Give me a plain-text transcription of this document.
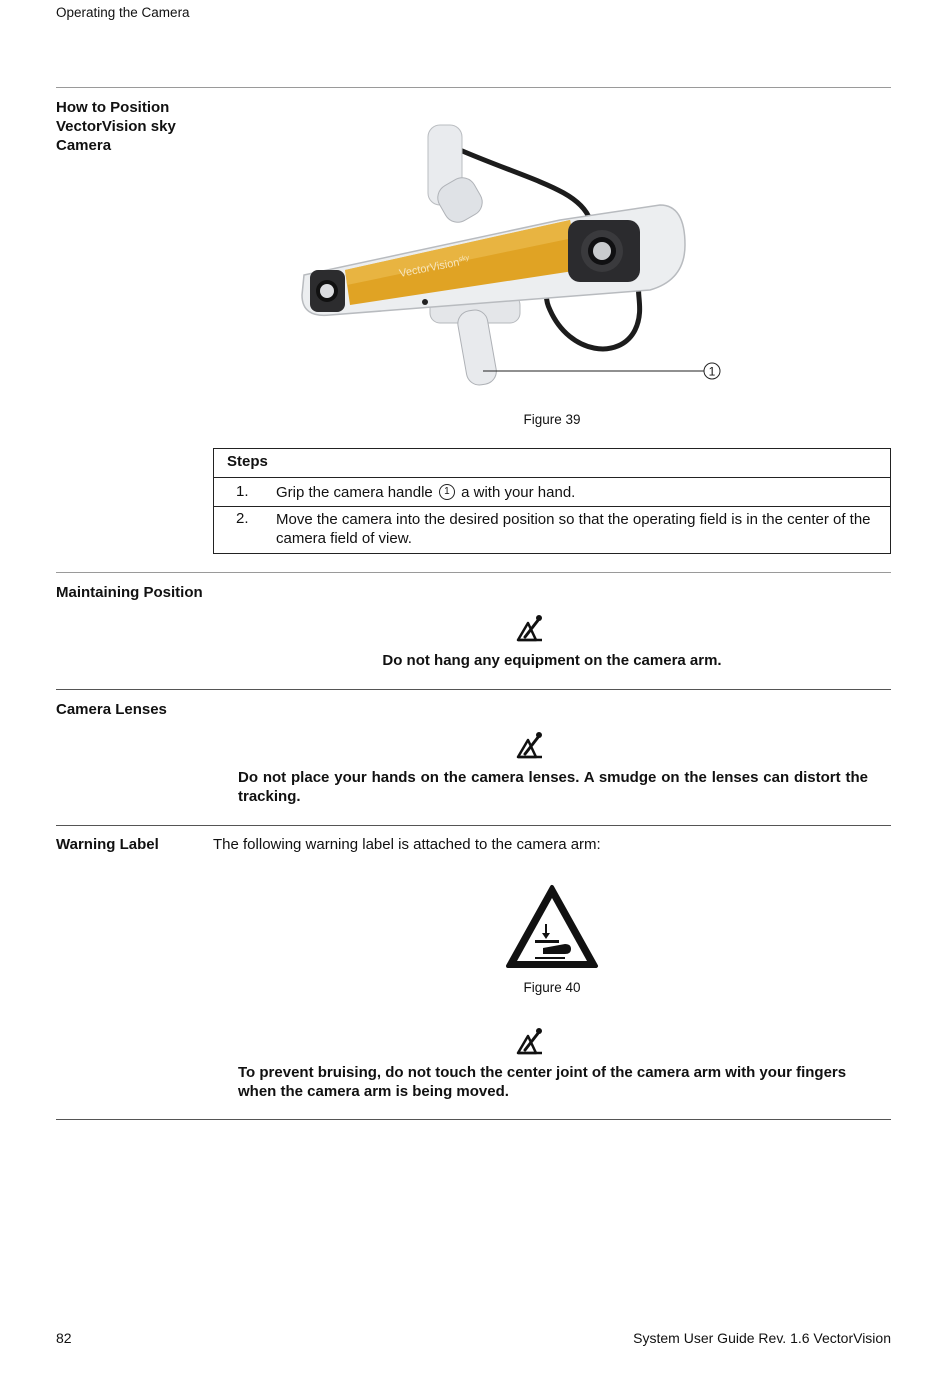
Operating the Camera
How to Position VectorVision sky Camera
VectorVision$^{sky}$
1
Figure 39
Steps
1. Grip the camera handle 1 a with your hand.
2. Move the camera into the desired position so that the operating field is in the center of the camera field of view.
Maintaining Position
Do not hang any equipment on the camera arm.
Camera Lenses
Do not place your hands on the camera lenses. A smudge on the lenses can distort the tracking.
Warning Label	The following warning label is attached to the camera arm:
Figure 40
To prevent bruising, do not touch the center joint of the camera arm with your fingers when the camera arm is being moved.
82	System User Guide Rev. 1.6 VectorVision
